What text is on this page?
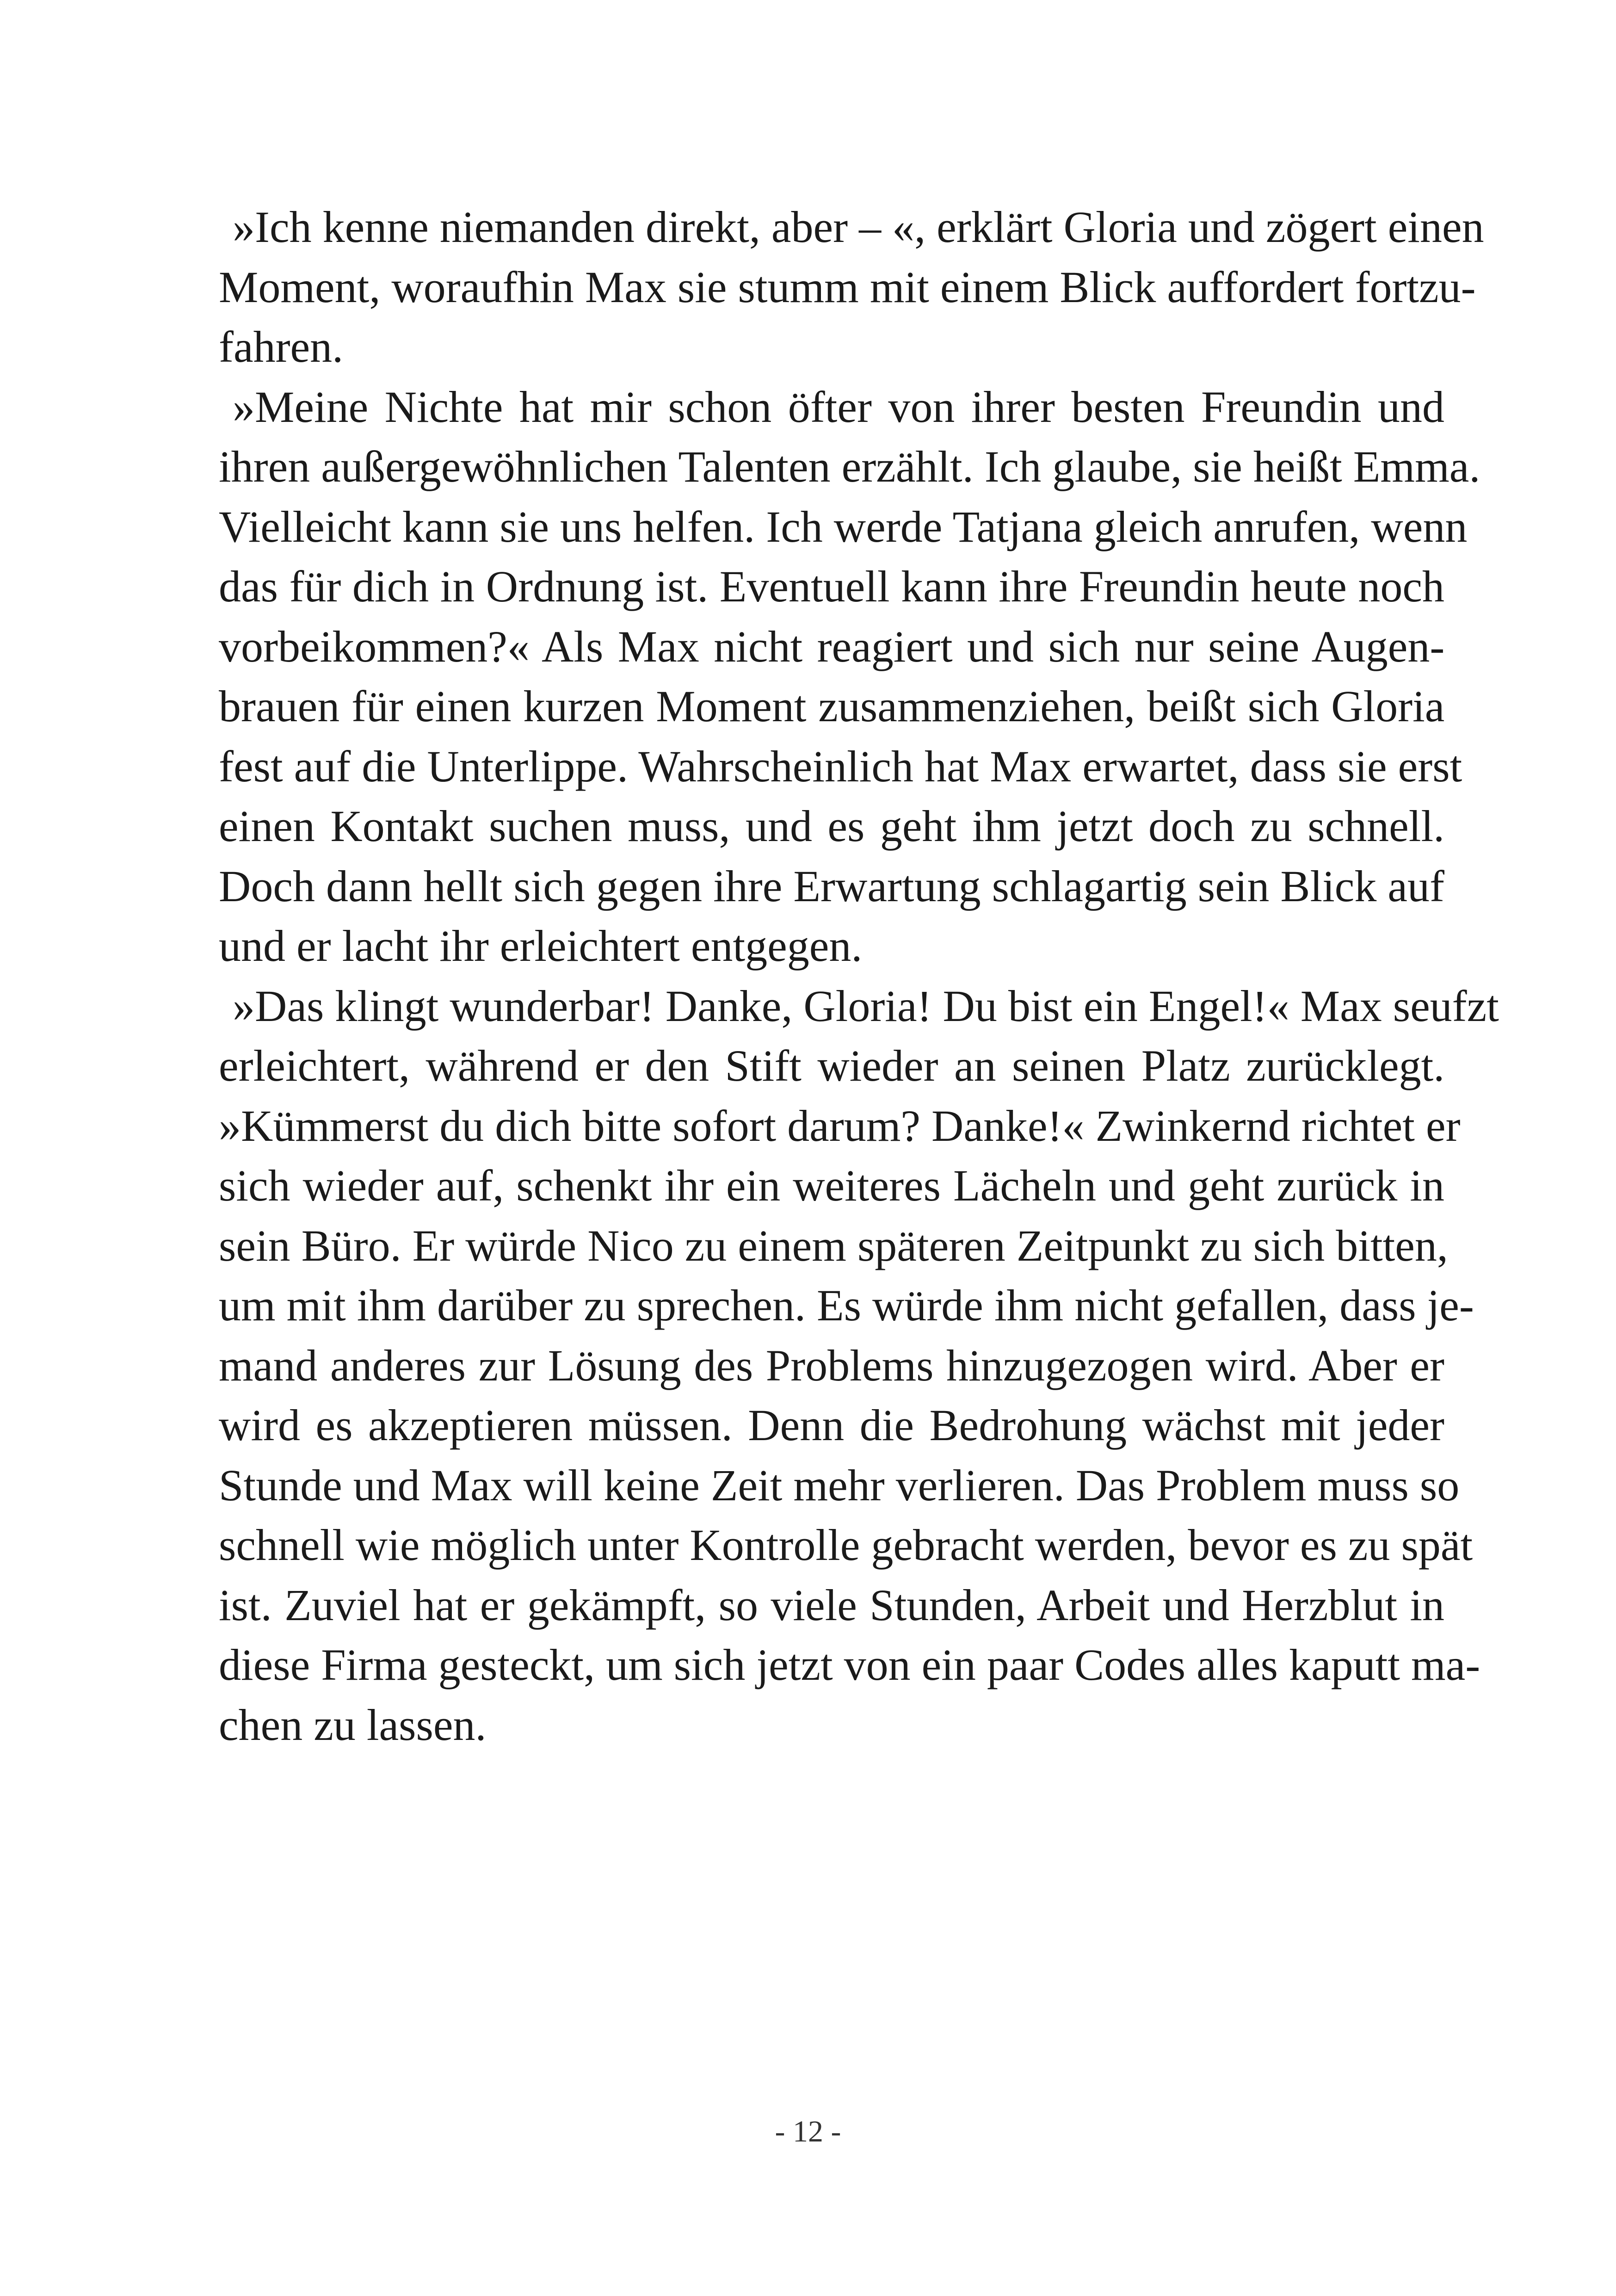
»Ich kenne niemanden direkt, aber – «, erklärt Gloria und zögert einen
Moment, woraufhin Max sie stumm mit einem Blick auffordert fortzu-
fahren.
»Meine Nichte hat mir schon öfter von ihrer besten Freundin und
ihren außergewöhnlichen Talenten erzählt. Ich glaube, sie heißt Emma.
Vielleicht kann sie uns helfen. Ich werde Tatjana gleich anrufen, wenn
das für dich in Ordnung ist. Eventuell kann ihre Freundin heute noch
vorbeikommen?« Als Max nicht reagiert und sich nur seine Augen-
brauen für einen kurzen Moment zusammenziehen, beißt sich Gloria
fest auf die Unterlippe. Wahrscheinlich hat Max erwartet, dass sie erst
einen Kontakt suchen muss, und es geht ihm jetzt doch zu schnell.
Doch dann hellt sich gegen ihre Erwartung schlagartig sein Blick auf
und er lacht ihr erleichtert entgegen.
»Das klingt wunderbar! Danke, Gloria! Du bist ein Engel!« Max seufzt
erleichtert, während er den Stift wieder an seinen Platz zurücklegt.
»Kümmerst du dich bitte sofort darum? Danke!« Zwinkernd richtet er
sich wieder auf, schenkt ihr ein weiteres Lächeln und geht zurück in
sein Büro. Er würde Nico zu einem späteren Zeitpunkt zu sich bitten,
um mit ihm darüber zu sprechen. Es würde ihm nicht gefallen, dass je-
mand anderes zur Lösung des Problems hinzugezogen wird. Aber er
wird es akzeptieren müssen. Denn die Bedrohung wächst mit jeder
Stunde und Max will keine Zeit mehr verlieren. Das Problem muss so
schnell wie möglich unter Kontrolle gebracht werden, bevor es zu spät
ist. Zuviel hat er gekämpft, so viele Stunden, Arbeit und Herzblut in
diese Firma gesteckt, um sich jetzt von ein paar Codes alles kaputt ma-
chen zu lassen.
- 12 -
